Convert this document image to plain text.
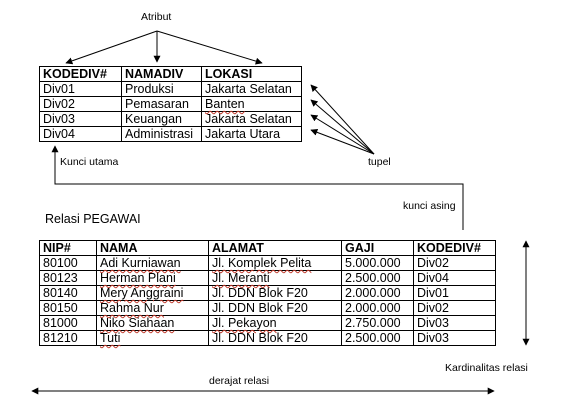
Atribut
Kunci utama	tupel
kunci asing
Relasi PEGAWAI
Kardinalitas relasi
derajat relasi
KODEDIV#	NAMADIV	LOKASI
Div01	Produksi	Jakarta Selatan
Div02	Pemasaran	Banten
Div03	Keuangan	Jakarta Selatan
Div04	Administrasi	Jakarta Utara
NIP#	NAMA	ALAMAT	GAJI	KODEDIV#
80100	Adi Kurniawan	Jl. Komplek Pelita	5.000.000	Div02
80123	Herman Plani	Jl. Meranti	2.500.000	Div04
80140	Mery Anggraini	Jl. DDN Blok F20	2.000.000	Div01
80150	Rahma Nur	Jl. DDN Blok F20	2.000.000	Div02
81000	Niko Siahaan	Jl. Pekayon	2.750.000	Div03
81210	Tuti	Jl. DDN Blok F20	2.500.000	Div03
